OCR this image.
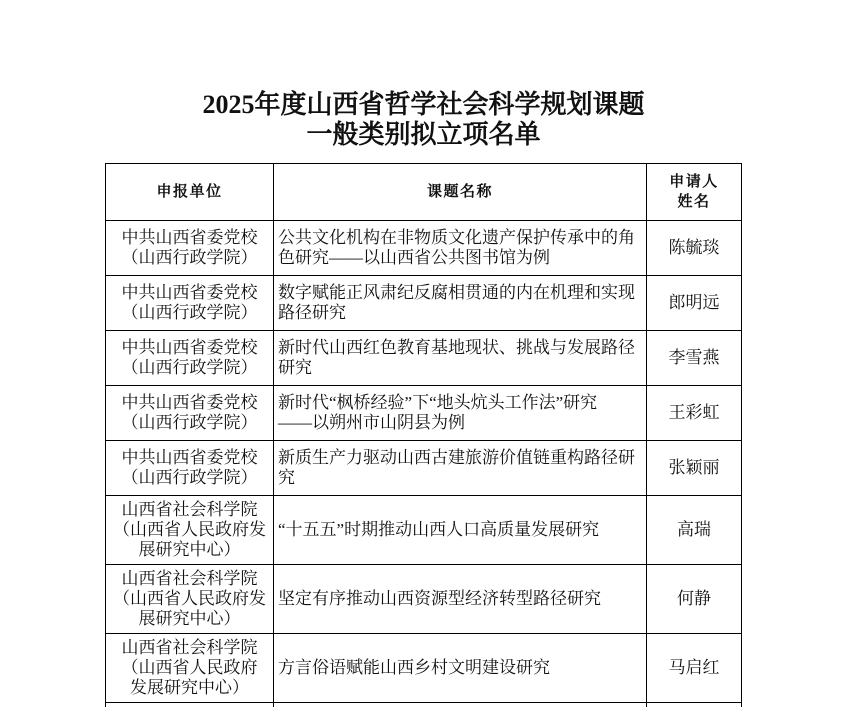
2025年度山西省哲学社会科学规划课题
一般类别拟立项名单
申报单位	课题名称	申请人
姓名

中共山西省委党校
（山西行政学院）	公共文化机构在非物质文化遗产保护传承中的角
色研究——以山西省公共图书馆为例	陈毓琰

中共山西省委党校
（山西行政学院）	数字赋能正风肃纪反腐相贯通的内在机理和实现
路径研究	郎明远

中共山西省委党校
（山西行政学院）	新时代山西红色教育基地现状、挑战与发展路径
研究	李雪燕

中共山西省委党校
（山西行政学院）	新时代“枫桥经验”下“地头炕头工作法”研究
——以朔州市山阴县为例	王彩虹

中共山西省委党校
（山西行政学院）	新质生产力驱动山西古建旅游价值链重构路径研
究	张颖丽

山西省社会科学院
（山西省人民政府发
展研究中心）	“十五五”时期推动山西人口高质量发展研究	高瑞

山西省社会科学院
（山西省人民政府发
展研究中心）	坚定有序推动山西资源型经济转型路径研究	何静

山西省社会科学院
（山西省人民政府
发展研究中心）	方言俗语赋能山西乡村文明建设研究	马启红
